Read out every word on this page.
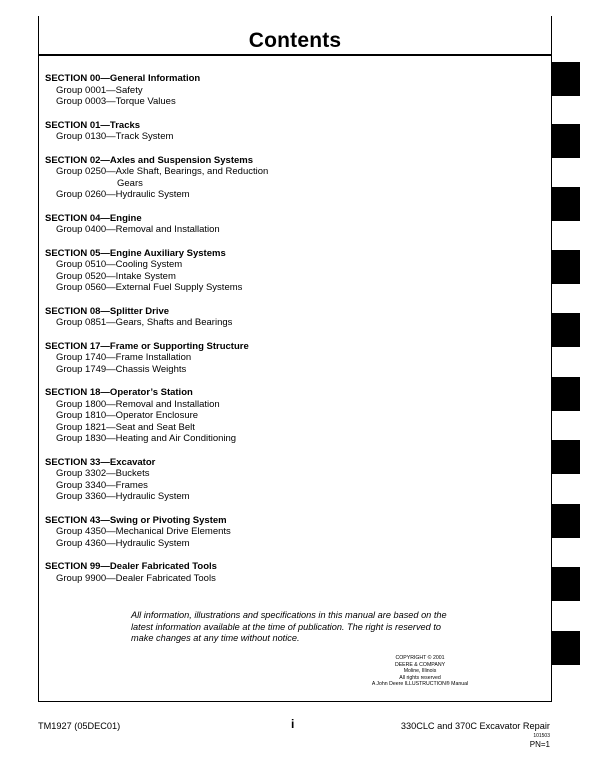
Contents
SECTION 00—General Information
Group 0001—Safety
Group 0003—Torque Values
SECTION 01—Tracks
Group 0130—Track System
SECTION 02—Axles and Suspension Systems
Group 0250—Axle Shaft, Bearings, and Reduction
Gears
Group 0260—Hydraulic System
SECTION 04—Engine
Group 0400—Removal and Installation
SECTION 05—Engine Auxiliary Systems
Group 0510—Cooling System
Group 0520—Intake System
Group 0560—External Fuel Supply Systems
SECTION 08—Splitter Drive
Group 0851—Gears, Shafts and Bearings
SECTION 17—Frame or Supporting Structure
Group 1740—Frame Installation
Group 1749—Chassis Weights
SECTION 18—Operator’s Station
Group 1800—Removal and Installation
Group 1810—Operator Enclosure
Group 1821—Seat and Seat Belt
Group 1830—Heating and Air Conditioning
SECTION 33—Excavator
Group 3302—Buckets
Group 3340—Frames
Group 3360—Hydraulic System
SECTION 43—Swing or Pivoting System
Group 4350—Mechanical Drive Elements
Group 4360—Hydraulic System
SECTION 99—Dealer Fabricated Tools
Group 9900—Dealer Fabricated Tools
All information, illustrations and specifications in this manual are based on the latest information available at the time of publication. The right is reserved to make changes at any time without notice.
COPYRIGHT © 2001
DEERE & COMPANY
Moline, Illinois
All rights reserved
A John Deere ILLUSTRUCTION® Manual
TM1927 (05DEC01)	i	330CLC and 370C Excavator Repair
101503
PN=1
